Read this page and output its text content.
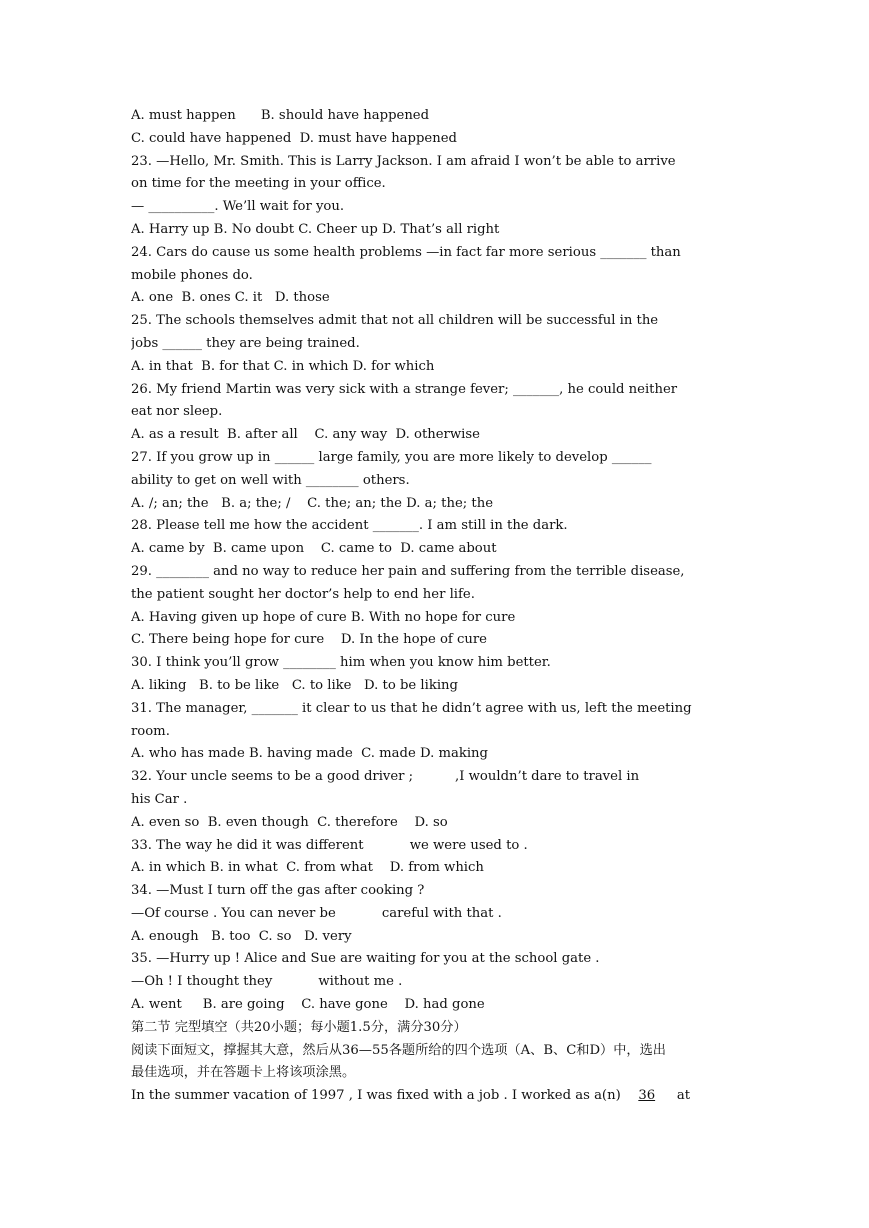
A. must happen      B. should have happened
C. could have happened  D. must have happened
23. —Hello, Mr. Smith. This is Larry Jackson. I am afraid I won’t be able to arrive
on time for the meeting in your office.
— __________. We’ll wait for you.
A. Harry up B. No doubt C. Cheer up D. That’s all right
24. Cars do cause us some health problems —in fact far more serious _______ than
mobile phones do.
A. one  B. ones C. it   D. those
25. The schools themselves admit that not all children will be successful in the
jobs ______ they are being trained.
A. in that  B. for that C. in which D. for which
26. My friend Martin was very sick with a strange fever; _______, he could neither
eat nor sleep.
A. as a result  B. after all    C. any way  D. otherwise
27. If you grow up in ______ large family, you are more likely to develop ______
ability to get on well with ________ others.
A. /; an; the   B. a; the; /    C. the; an; the D. a; the; the
28. Please tell me how the accident _______. I am still in the dark.
A. came by  B. came upon    C. came to  D. came about
29. ________ and no way to reduce her pain and suffering from the terrible disease,
the patient sought her doctor’s help to end her life.
A. Having given up hope of cure B. With no hope for cure
C. There being hope for cure    D. In the hope of cure
30. I think you’ll grow ________ him when you know him better.
A. liking   B. to be like   C. to like   D. to be liking
31. The manager, _______ it clear to us that he didn’t agree with us, left the meeting
room.
A. who has made B. having made  C. made D. making
32. Your uncle seems to be a good driver ;          ,I wouldn’t dare to travel in
his Car .
A. even so  B. even though  C. therefore    D. so
33. The way he did it was different           we were used to .
A. in which B. in what  C. from what    D. from which
34. —Must I turn off the gas after cooking ?
—Of course . You can never be           careful with that .
A. enough   B. too  C. so   D. very
35. —Hurry up ! Alice and Sue are waiting for you at the school gate .
—Oh ! I thought they           without me .
A. went     B. are going    C. have gone    D. had gone
第二节 完型填空（共20小题；每小题1.5分，满分30分）
阅读下面短文，撑握其大意，然后从36—55各题所给的四个选项（A、B、C和D）中，选出
最佳选项，并在答题卡上将该项涂黑。
In the summer vacation of 1997 , I was fixed with a job . I worked as a(n) 36 at
